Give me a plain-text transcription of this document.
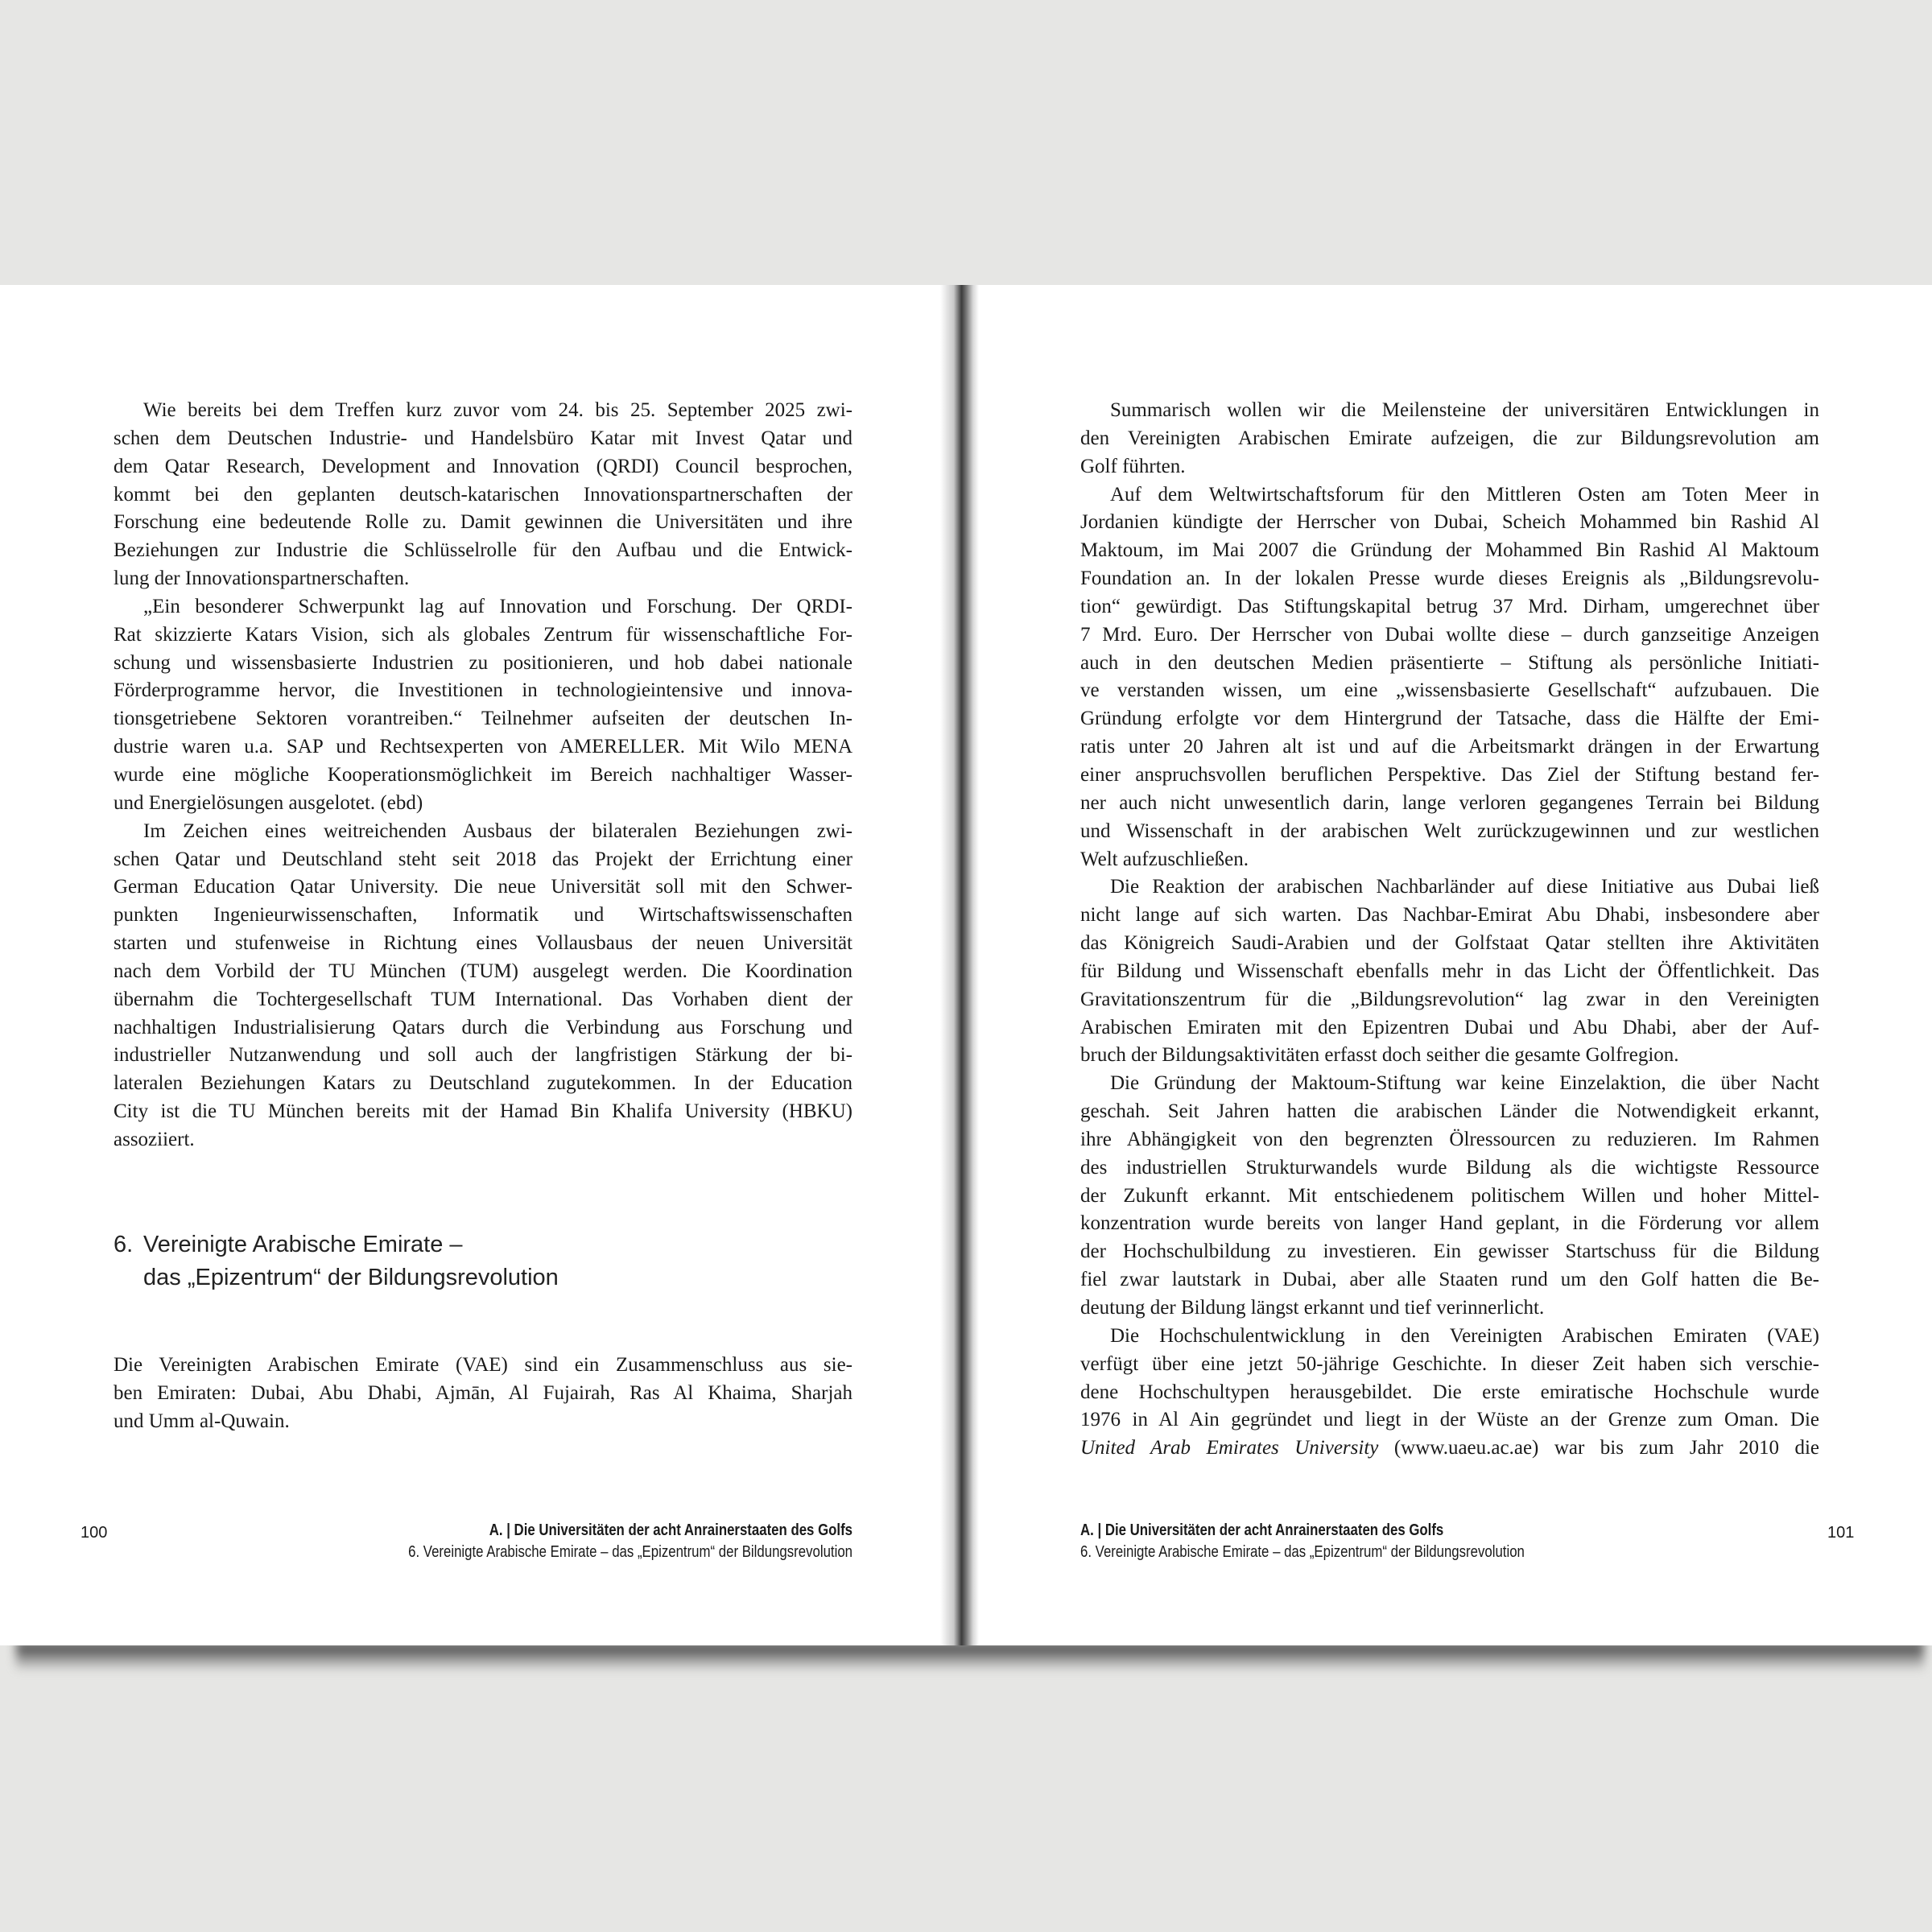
Wie bereits bei dem Treffen kurz zuvor vom 24. bis 25. September 2025 zwi-
schen dem Deutschen Industrie- und Handelsbüro Katar mit Invest Qatar und
dem Qatar Research, Development and Innovation (QRDI) Council besprochen,
kommt bei den geplanten deutsch-katarischen Innovationspartnerschaften der
Forschung eine bedeutende Rolle zu. Damit gewinnen die Universitäten und ihre
Beziehungen zur Industrie die Schlüsselrolle für den Aufbau und die Entwick-
lung der Innovationspartnerschaften.
„Ein besonderer Schwerpunkt lag auf Innovation und Forschung. Der QRDI-
Rat skizzierte Katars Vision, sich als globales Zentrum für wissenschaftliche For-
schung und wissensbasierte Industrien zu positionieren, und hob dabei nationale
Förderprogramme hervor, die Investitionen in technologieintensive und innova-
tionsgetriebene Sektoren vorantreiben.“ Teilnehmer aufseiten der deutschen In-
dustrie waren u.a. SAP und Rechtsexperten von AMERELLER. Mit Wilo MENA
wurde eine mögliche Kooperationsmöglichkeit im Bereich nachhaltiger Wasser-
und Energielösungen ausgelotet. (ebd)
Im Zeichen eines weitreichenden Ausbaus der bilateralen Beziehungen zwi-
schen Qatar und Deutschland steht seit 2018 das Projekt der Errichtung einer
German Education Qatar University. Die neue Universität soll mit den Schwer-
punkten Ingenieurwissenschaften, Informatik und Wirtschaftswissenschaften
starten und stufenweise in Richtung eines Vollausbaus der neuen Universität
nach dem Vorbild der TU München (TUM) ausgelegt werden. Die Koordination
übernahm die Tochtergesellschaft TUM International. Das Vorhaben dient der
nachhaltigen Industrialisierung Qatars durch die Verbindung aus Forschung und
industrieller Nutzanwendung und soll auch der langfristigen Stärkung der bi-
lateralen Beziehungen Katars zu Deutschland zugutekommen. In der Education
City ist die TU München bereits mit der Hamad Bin Khalifa University (HBKU)
assoziiert.
6. Vereinigte Arabische Emirate –
das „Epizentrum“ der Bildungsrevolution
Die Vereinigten Arabischen Emirate (VAE) sind ein Zusammenschluss aus sie-
ben Emiraten: Dubai, Abu Dhabi, Ajmān, Al Fujairah, Ras Al Khaima, Sharjah
und Umm al-Quwain.
Summarisch wollen wir die Meilensteine der universitären Entwicklungen in
den Vereinigten Arabischen Emirate aufzeigen, die zur Bildungsrevolution am
Golf führten.
Auf dem Weltwirtschaftsforum für den Mittleren Osten am Toten Meer in
Jordanien kündigte der Herrscher von Dubai, Scheich Mohammed bin Rashid Al
Maktoum, im Mai 2007 die Gründung der Mohammed Bin Rashid Al Maktoum
Foundation an. In der lokalen Presse wurde dieses Ereignis als „Bildungsrevolu-
tion“ gewürdigt. Das Stiftungskapital betrug 37 Mrd. Dirham, umgerechnet über
7 Mrd. Euro. Der Herrscher von Dubai wollte diese – durch ganzseitige Anzeigen
auch in den deutschen Medien präsentierte – Stiftung als persönliche Initiati-
ve verstanden wissen, um eine „wissensbasierte Gesellschaft“ aufzubauen. Die
Gründung erfolgte vor dem Hintergrund der Tatsache, dass die Hälfte der Emi-
ratis unter 20 Jahren alt ist und auf die Arbeitsmarkt drängen in der Erwartung
einer anspruchsvollen beruflichen Perspektive. Das Ziel der Stiftung bestand fer-
ner auch nicht unwesentlich darin, lange verloren gegangenes Terrain bei Bildung
und Wissenschaft in der arabischen Welt zurückzugewinnen und zur westlichen
Welt aufzuschließen.
Die Reaktion der arabischen Nachbarländer auf diese Initiative aus Dubai ließ
nicht lange auf sich warten. Das Nachbar-Emirat Abu Dhabi, insbesondere aber
das Königreich Saudi-Arabien und der Golfstaat Qatar stellten ihre Aktivitäten
für Bildung und Wissenschaft ebenfalls mehr in das Licht der Öffentlichkeit. Das
Gravitationszentrum für die „Bildungsrevolution“ lag zwar in den Vereinigten
Arabischen Emiraten mit den Epizentren Dubai und Abu Dhabi, aber der Auf-
bruch der Bildungsaktivitäten erfasst doch seither die gesamte Golfregion.
Die Gründung der Maktoum-Stiftung war keine Einzelaktion, die über Nacht
geschah. Seit Jahren hatten die arabischen Länder die Notwendigkeit erkannt,
ihre Abhängigkeit von den begrenzten Ölressourcen zu reduzieren. Im Rahmen
des industriellen Strukturwandels wurde Bildung als die wichtigste Ressource
der Zukunft erkannt. Mit entschiedenem politischem Willen und hoher Mittel-
konzentration wurde bereits von langer Hand geplant, in die Förderung vor allem
der Hochschulbildung zu investieren. Ein gewisser Startschuss für die Bildung
fiel zwar lautstark in Dubai, aber alle Staaten rund um den Golf hatten die Be-
deutung der Bildung längst erkannt und tief verinnerlicht.
Die Hochschulentwicklung in den Vereinigten Arabischen Emiraten (VAE)
verfügt über eine jetzt 50-jährige Geschichte. In dieser Zeit haben sich verschie-
dene Hochschultypen herausgebildet. Die erste emiratische Hochschule wurde
1976 in Al Ain gegründet und liegt in der Wüste an der Grenze zum Oman. Die
United Arab Emirates University (www.uaeu.ac.ae) war bis zum Jahr 2010 die
100	A. | Die Universitäten der acht Anrainerstaaten des Golfs
6. Vereinigte Arabische Emirate – das „Epizentrum“ der Bildungsrevolution
101
A. | Die Universitäten der acht Anrainerstaaten des Golfs
6. Vereinigte Arabische Emirate – das „Epizentrum“ der Bildungsrevolution
